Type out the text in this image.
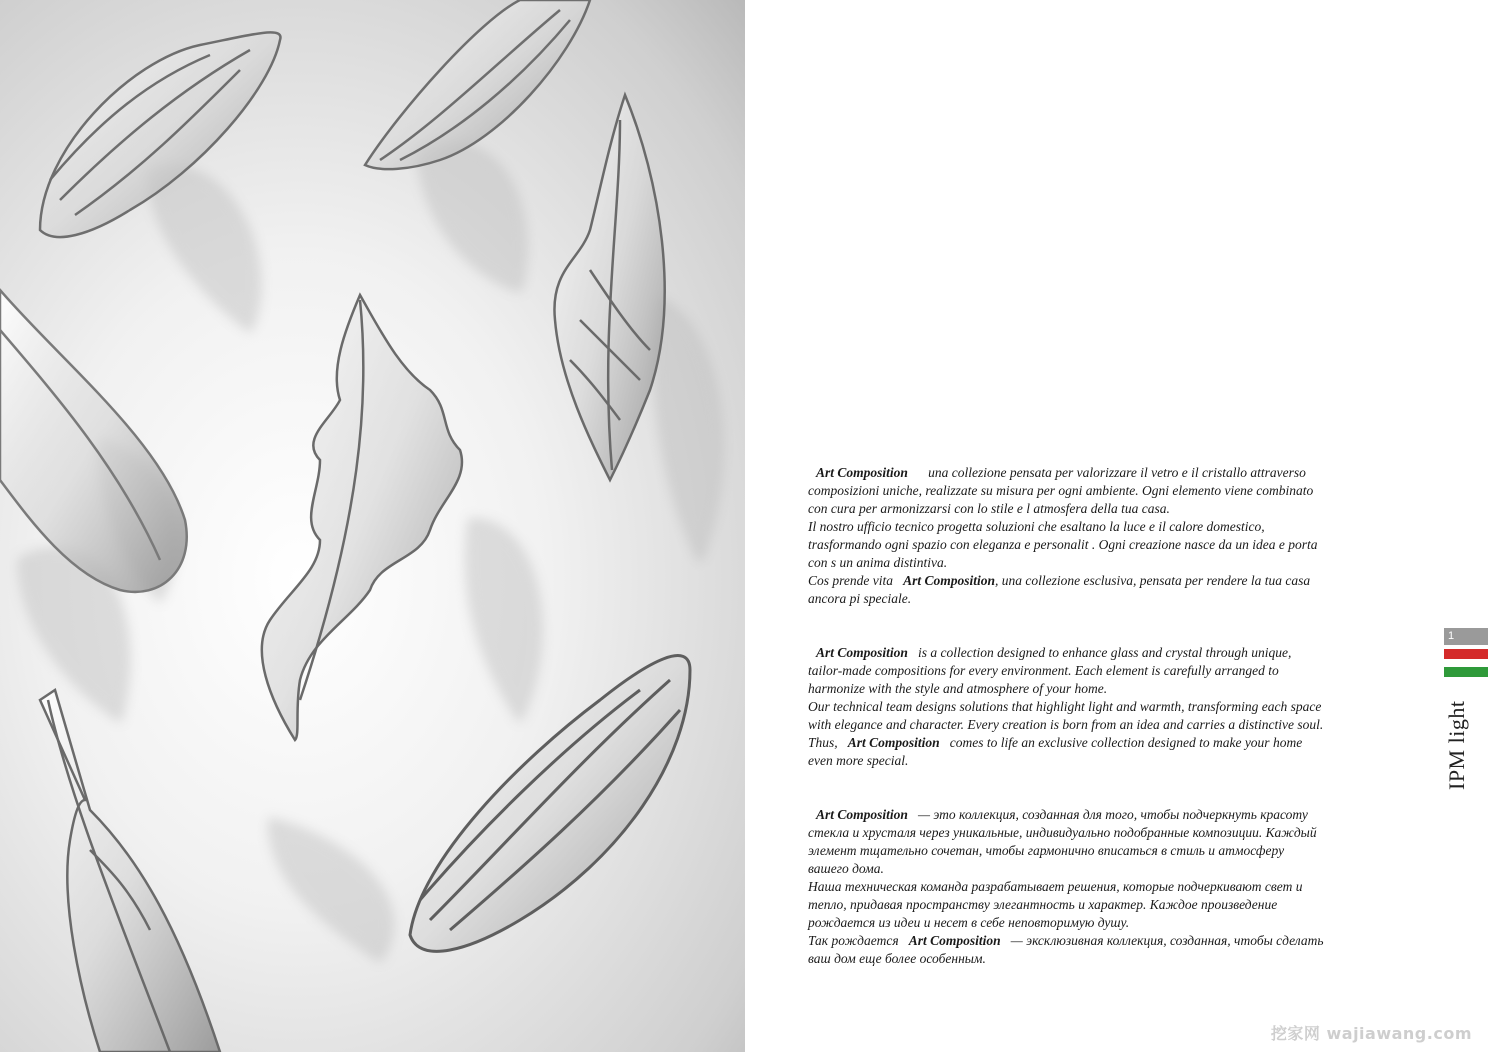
Art Composition una collezione pensata per valorizzare il vetro e il cristallo attraverso composizioni uniche, realizzate su misura per ogni ambiente. Ogni elemento viene combinato con cura per armonizzarsi con lo stile e l atmosfera della tua casa.

Il nostro ufficio tecnico progetta soluzioni che esaltano la luce e il calore domestico, trasformando ogni spazio con eleganza e personalit . Ogni creazione nasce da un idea e porta con s un anima distintiva.

Cos prende vita Art Composition, una collezione esclusiva, pensata per rendere la tua casa ancora pi speciale.

Art Composition is a collection designed to enhance glass and crystal through unique, tailor-made compositions for every environment. Each element is carefully arranged to harmonize with the style and atmosphere of your home.

Our technical team designs solutions that highlight light and warmth, transforming each space with elegance and character. Every creation is born from an idea and carries a distinctive soul.

Thus, Art Composition comes to life an exclusive collection designed to make your home even more special.

Art Composition — это коллекция, созданная для того, чтобы подчеркнуть красоту стекла и хрусталя через уникальные, индивидуально подобранные композиции. Каждый элемент тщательно сочетан, чтобы гармонично вписаться в стиль и атмосферу вашего дома.

Наша техническая команда разрабатывает решения, которые подчеркивают свет и тепло, придавая пространству элегантность и характер. Каждое произведение рождается из идеи и несет в себе неповторимую душу.

Так рождается Art Composition — эксклюзивная коллекция, созданная, чтобы сделать ваш дом еще более особенным.

1
IPM light
挖家网 wajiawang.com
